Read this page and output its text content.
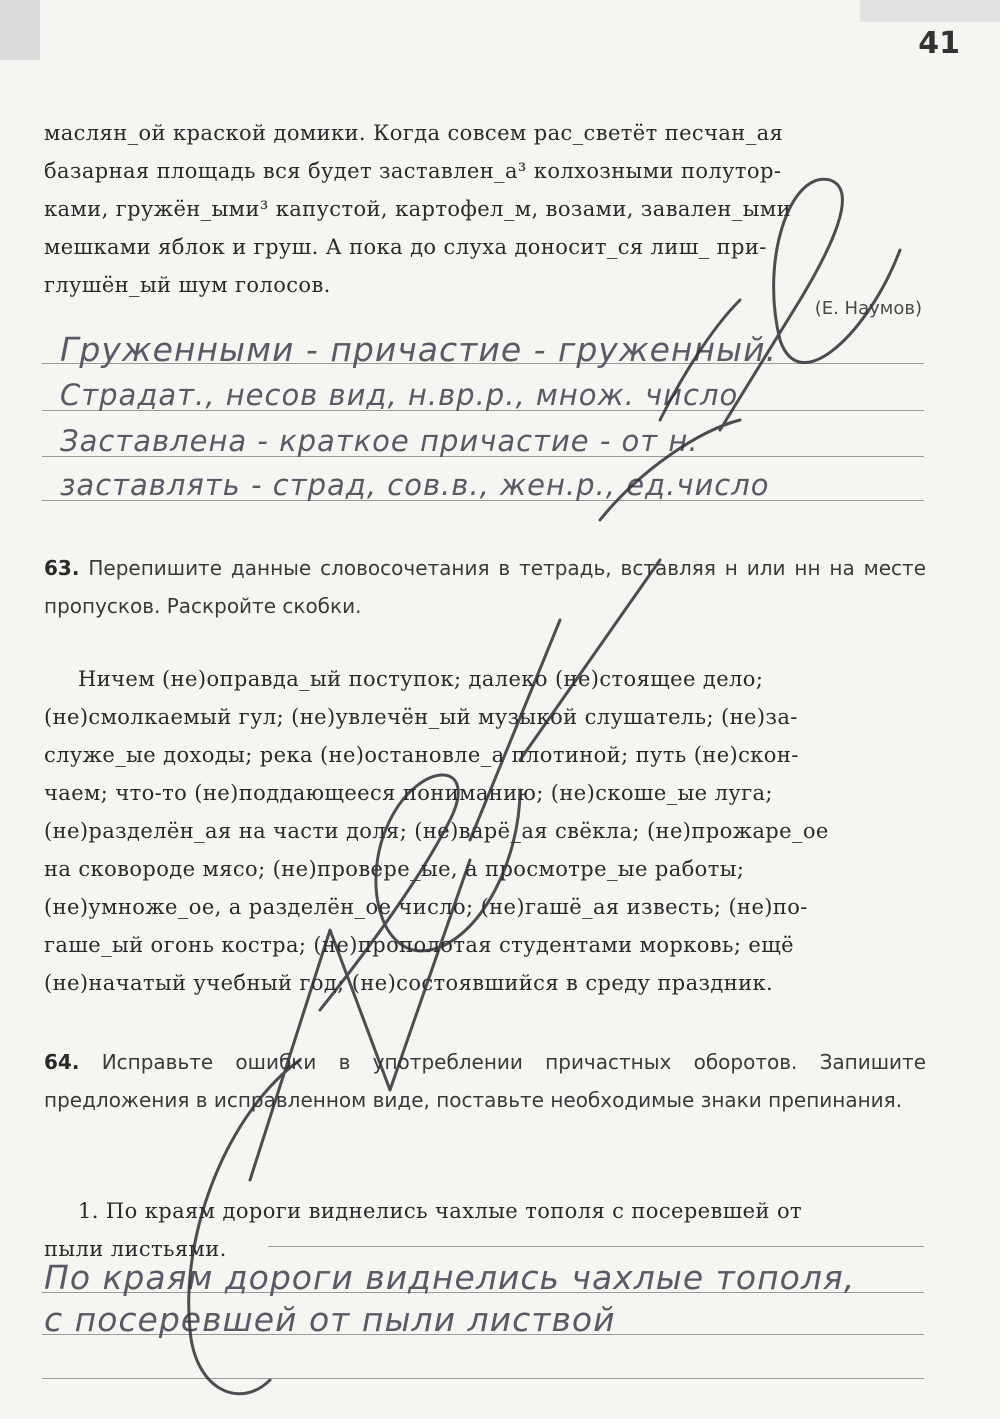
41
маслян_ой краской домики. Когда совсем рас_светёт песчан_ая
базарная площадь вся будет заставлен_а³ колхозными полутор-
ками, гружён_ыми³ капустой, картофел_м, возами, завален_ыми
мешками яблок и груш. А пока до слуха доносит_ся лиш_ при-
глушён_ый шум голосов.
(Е. Наумов)
Груженными - причастие - груженный.
Страдат., несов вид, н.вр.р., множ. число
Заставлена - краткое причастие - от н.
заставлять - страд, сов.в., жен.р., ед.число
63. Перепишите данные словосочетания в тетрадь, вставляя н или нн на месте пропусков. Раскройте скобки.
Ничем (не)оправда_ый поступок; далеко (не)стоящее дело;
(не)смолкаемый гул; (не)увлечён_ый музыкой слушатель; (не)за-
служе_ые доходы; река (не)остановле_а плотиной; путь (не)скон-
чаем; что-то (не)поддающееся пониманию; (не)скоше_ые луга;
(не)разделён_ая на части доля; (не)варё_ая свёкла; (не)прожаре_ое
на сковороде мясо; (не)провере_ые, а просмотре_ые работы;
(не)умноже_ое, а разделён_ое число; (не)гашё_ая известь; (не)по-
гаше_ый огонь костра; (не)прополотая студентами морковь; ещё
(не)начатый учебный год; (не)состоявшийся в среду праздник.
64. Исправьте ошибки в употреблении причастных оборотов. Запишите предложения в исправленном виде, поставьте необходимые знаки препинания.
1. По краям дороги виднелись чахлые тополя с посеревшей от
пыли листьями.
По краям дороги виднелись чахлые тополя,
с посеревшей от пыли листвой
